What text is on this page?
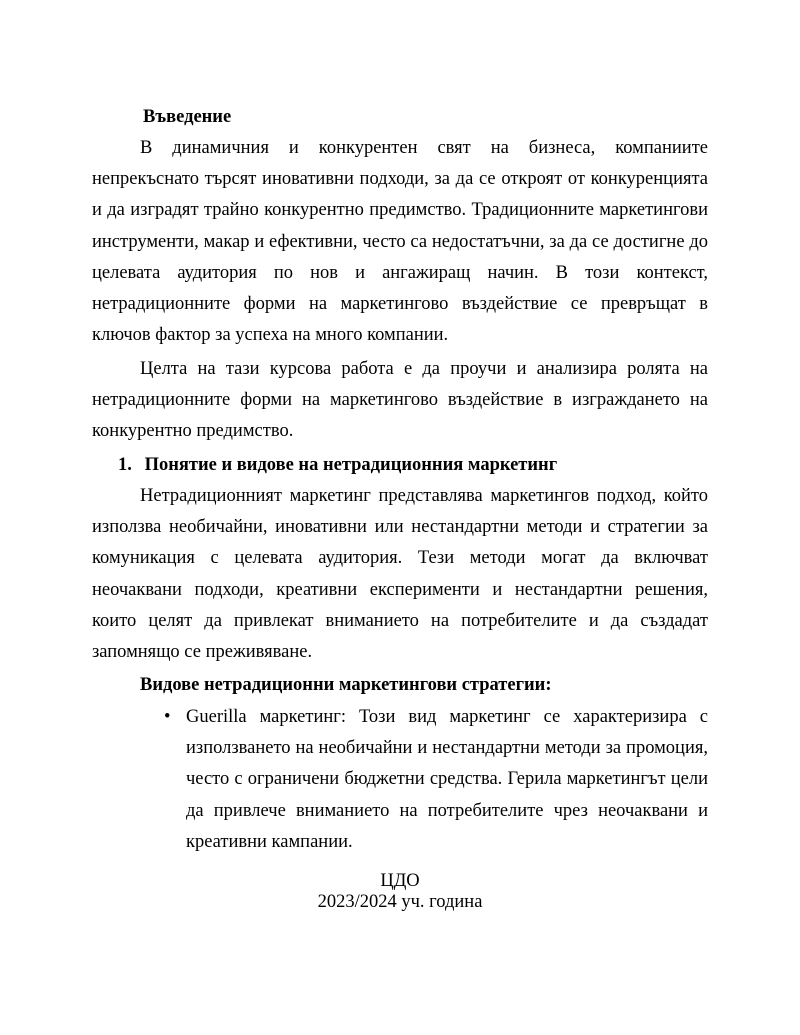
Въведение
В динамичния и конкурентен свят на бизнеса, компаниите непрекъснато търсят иновативни подходи, за да се откроят от конкуренцията и да изградят трайно конкурентно предимство. Традиционните маркетингови инструменти, макар и ефективни, често са недостатъчни, за да се достигне до целевата аудитория по нов и ангажиращ начин. В този контекст, нетрадиционните форми на маркетингово въздействие се превръщат в ключов фактор за успеха на много компании.
Целта на тази курсова работа е да проучи и анализира ролята на нетрадиционните форми на маркетингово въздействие в изграждането на конкурентно предимство.
1. Понятие и видове на нетрадиционния маркетинг
Нетрадиционният маркетинг представлява маркетингов подход, който използва необичайни, иновативни или нестандартни методи и стратегии за комуникация с целевата аудитория. Тези методи могат да включват неочаквани подходи, креативни експерименти и нестандартни решения, които целят да привлекат вниманието на потребителите и да създадат запомнящо се преживяване.
Видове нетрадиционни маркетингови стратегии:
• Guerilla маркетинг: Този вид маркетинг се характеризира с използването на необичайни и нестандартни методи за промоция, често с ограничени бюджетни средства. Герила маркетингът цели да привлече вниманието на потребителите чрез неочаквани и креативни кампании.
ЦДО
2023/2024 уч. година
